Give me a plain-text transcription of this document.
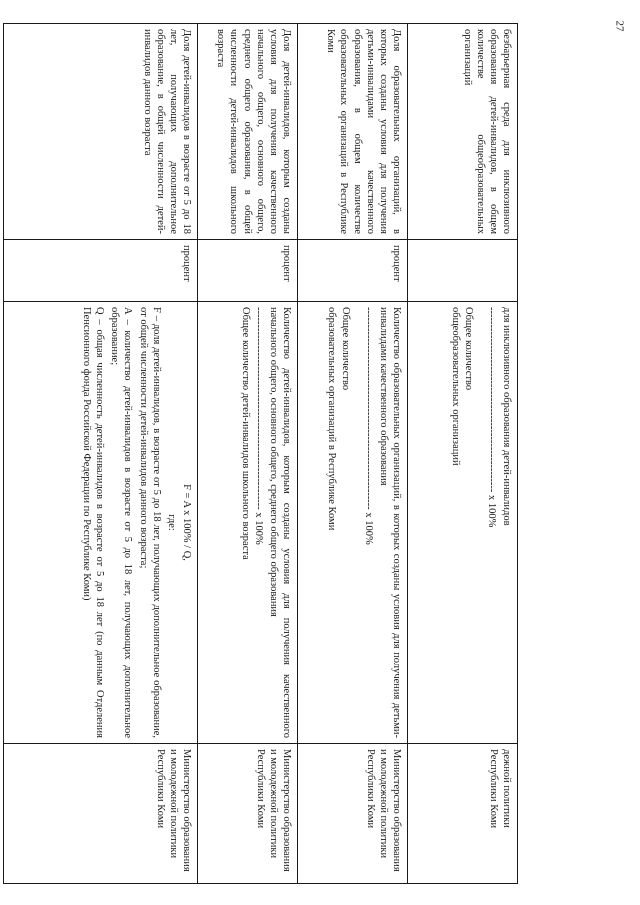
27
безбарьерная среда для инклюзивного образования детей-инвалидов, в общем количестве общеобразовательных организаций		для инклюзивного образования детей-инвалидов
----------------------------------------------------- x 100%
Общее количество
общеобразовательных организаций	дежной политики Республики Коми

Доля образовательных организаций, в которых созданы условия для получения детьми-инвалидами качественного образования, в общем количестве образовательных организаций в Республике Коми	процент	Количество образовательных организаций, в которых созданы условия для получения детьми-инвалидами качественного образования
---------------------------------------------------------- x 100%
Общее количество
образовательных организаций в Республике Коми	Министерство образования и молодежной политики Республики Коми

Доля детей-инвалидов, которым созданы условия для получения качественного начального общего, основного общего, среднего общего образования, в общей численности детей-инвалидов школьного возраста	процент	Количество детей-инвалидов, которым созданы условия для получения качественного начального общего, основного общего, среднего общего образования
---------------------------------------------------------- x 100%
Общее количество детей-инвалидов школьного возраста	Министерство образования и молодежной политики Республики Коми

Доля детей-инвалидов в возрасте от 5 до 18 лет, получающих дополнительное образование, в общей численности детей-инвалидов данного возраста	процент	F = A x 100% / Q,
где:
F – доля детей-инвалидов, в возрасте от 5 до 18 лет, получающих дополнительное образование, от общей численности детей-инвалидов данного возраста;
A – количество детей-инвалидов в возрасте от 5 до 18 лет, получающих дополнительное образование;
Q – общая численность детей-инвалидов в возрасте от 5 до 18 лет (по данным Отделения Пенсионного фонда Российской Федерации по Республике Коми)	Министерство образования и молодежной политики Республики Коми
